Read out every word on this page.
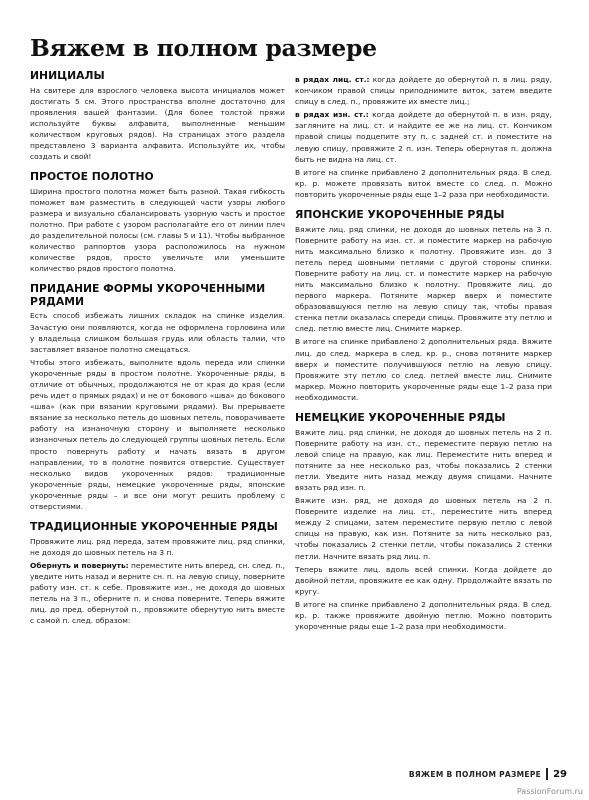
Вяжем в полном размере
ИНИЦИАЛЫ

На свитере для взрослого человека высота инициалов может достигать 5 см. Этого пространства вполне достаточно для проявления вашей фантазии. (Для более толстой пряжи используйте буквы алфавита, выполненные меньшим количеством круговых рядов). На страницах этого раздела представлено 3 варианта алфавита. Используйте их, чтобы создать и свой!

ПРОСТОЕ ПОЛОТНО

Ширина простого полотна может быть разной. Такая гибкость поможет вам разместить в следующей части узоры любого размера и визуально сбалансировать узорную часть и простое полотно. При работе с узором располагайте его от линии плеч до разделительной полосы (см. главы 5 и 11). Чтобы выбранное количество раппортов узора расположилось на нужном количестве рядов, просто увеличьте или уменьшите количество рядов простого полотна.

ПРИДАНИЕ ФОРМЫ УКОРОЧЕННЫМИ РЯДАМИ

Есть способ избежать лишних складок на спинке изделия. Зачастую они появляются, когда не оформлена горловина или у владельца слишком большая грудь или область талии, что заставляет вязаное полотно смещаться.

Чтобы этого избежать, выполните вдоль переда или спинки укороченные ряды в простом полотне. Укороченные ряды, в отличие от обычных, продолжаются не от края до края (если речь идет о прямых рядах) и не от бокового «шва» до бокового «шва» (как при вязании круговыми рядами). Вы прерываете вязание за несколько петель до шовных петель, поворачиваете работу на изнаночную сторону и выполняете несколько изнаночных петель до следующей группы шовных петель. Если просто повернуть работу и начать вязать в другом направлении, то в полотне появится отверстие. Существует несколько видов укороченных рядов: традиционные укороченные ряды, немецкие укороченные ряды, японские укороченные ряды – и все они могут решить проблему с отверстиями.

ТРАДИЦИОННЫЕ УКОРОЧЕННЫЕ РЯДЫ

Провяжите лиц. ряд переда, затем провяжите лиц. ряд спинки, не доходя до шовных петель на 3 п.

Обернуть и повернуть: переместите нить вперед, сн. след. п., уведите нить назад и верните сн. п. на левую спицу, поверните работу изн. ст. к себе. Провяжите изн., не доходя до шовных петель на 3 п., оберните п. и снова поверните. Теперь вяжите лиц. до пред. обернутой п., провяжите обернутую нить вместе с самой п. след. образом:

в рядах лиц. ст.: когда дойдете до обернутой п. в лиц. ряду, кончиком правой спицы приподнимите виток, затем введите спицу в след. п., провяжите их вместе лиц.;

в рядах изн. ст.: когда дойдете до обернутой п. в изн. ряду, загляните на лиц. ст. и найдите ее же на лиц. ст. Кончиком правой спицы подцепите эту п. с задней ст. и поместите на левую спицу, провяжите 2 п. изн. Теперь обернутая п. должна быть не видна на лиц. ст.

В итоге на спинке прибавлено 2 дополнительных ряда. В след. кр. р. можете провязать виток вместе со след. п. Можно повторить укороченные ряды еще 1–2 раза при необходимости.

ЯПОНСКИЕ УКОРОЧЕННЫЕ РЯДЫ

Вяжите лиц. ряд спинки, не доходя до шовных петель на 3 п. Поверните работу на изн. ст. и поместите маркер на рабочую нить максимально близко к полотну. Провяжите изн. до 3 петель перед шовными петлями с другой стороны спинки. Поверните работу на лиц. ст. и поместите маркер на рабочую нить максимально близко к полотну. Провяжите лиц. до первого маркера. Потяните маркер вверх и поместите образовавшуюся петлю на левую спицу так, чтобы правая стенка петли оказалась спереди спицы. Провяжите эту петлю и след. петлю вместе лиц. Снимите маркер.

В итоге на спинке прибавлено 2 дополнительных ряда. Вяжите лиц. до след. маркера в след. кр. р., снова потяните маркер вверх и поместите получившуюся петлю на левую спицу. Провяжите эту петлю со след. петлей вместе лиц. Снимите маркер. Можно повторить укороченные ряды еще 1–2 раза при необходимости.

НЕМЕЦКИЕ УКОРОЧЕННЫЕ РЯДЫ

Вяжите лиц. ряд спинки, не доходя до шовных петель на 2 п. Поверните работу на изн. ст., переместите первую петлю на левой спице на правую, как лиц. Переместите нить вперед и потяните за нее несколько раз, чтобы показались 2 стенки петли. Уведите нить назад между двумя спицами. Начните вязать ряд изн. п.

Вяжите изн. ряд, не доходя до шовных петель на 2 п. Поверните изделие на лиц. ст., переместите нить вперед между 2 спицами, затем переместите первую петлю с левой спицы на правую, как изн. Потяните за нить несколько раз, чтобы показались 2 стенки петли, чтобы показались 2 стенки петли. Начните вязать ряд лиц. п.

Теперь вяжите лиц. вдоль всей спинки. Когда дойдете до двойной петли, провяжите ее как одну. Продолжайте вязать по кругу.

В итоге на спинке прибавлено 2 дополнительных ряда. В след. кр. р. также провяжите двойную петлю. Можно повторить укороченные ряды еще 1–2 раза при необходимости.

ВЯЖЕМ В ПОЛНОМ РАЗМЕРЕ 29
PassionForum.ru
